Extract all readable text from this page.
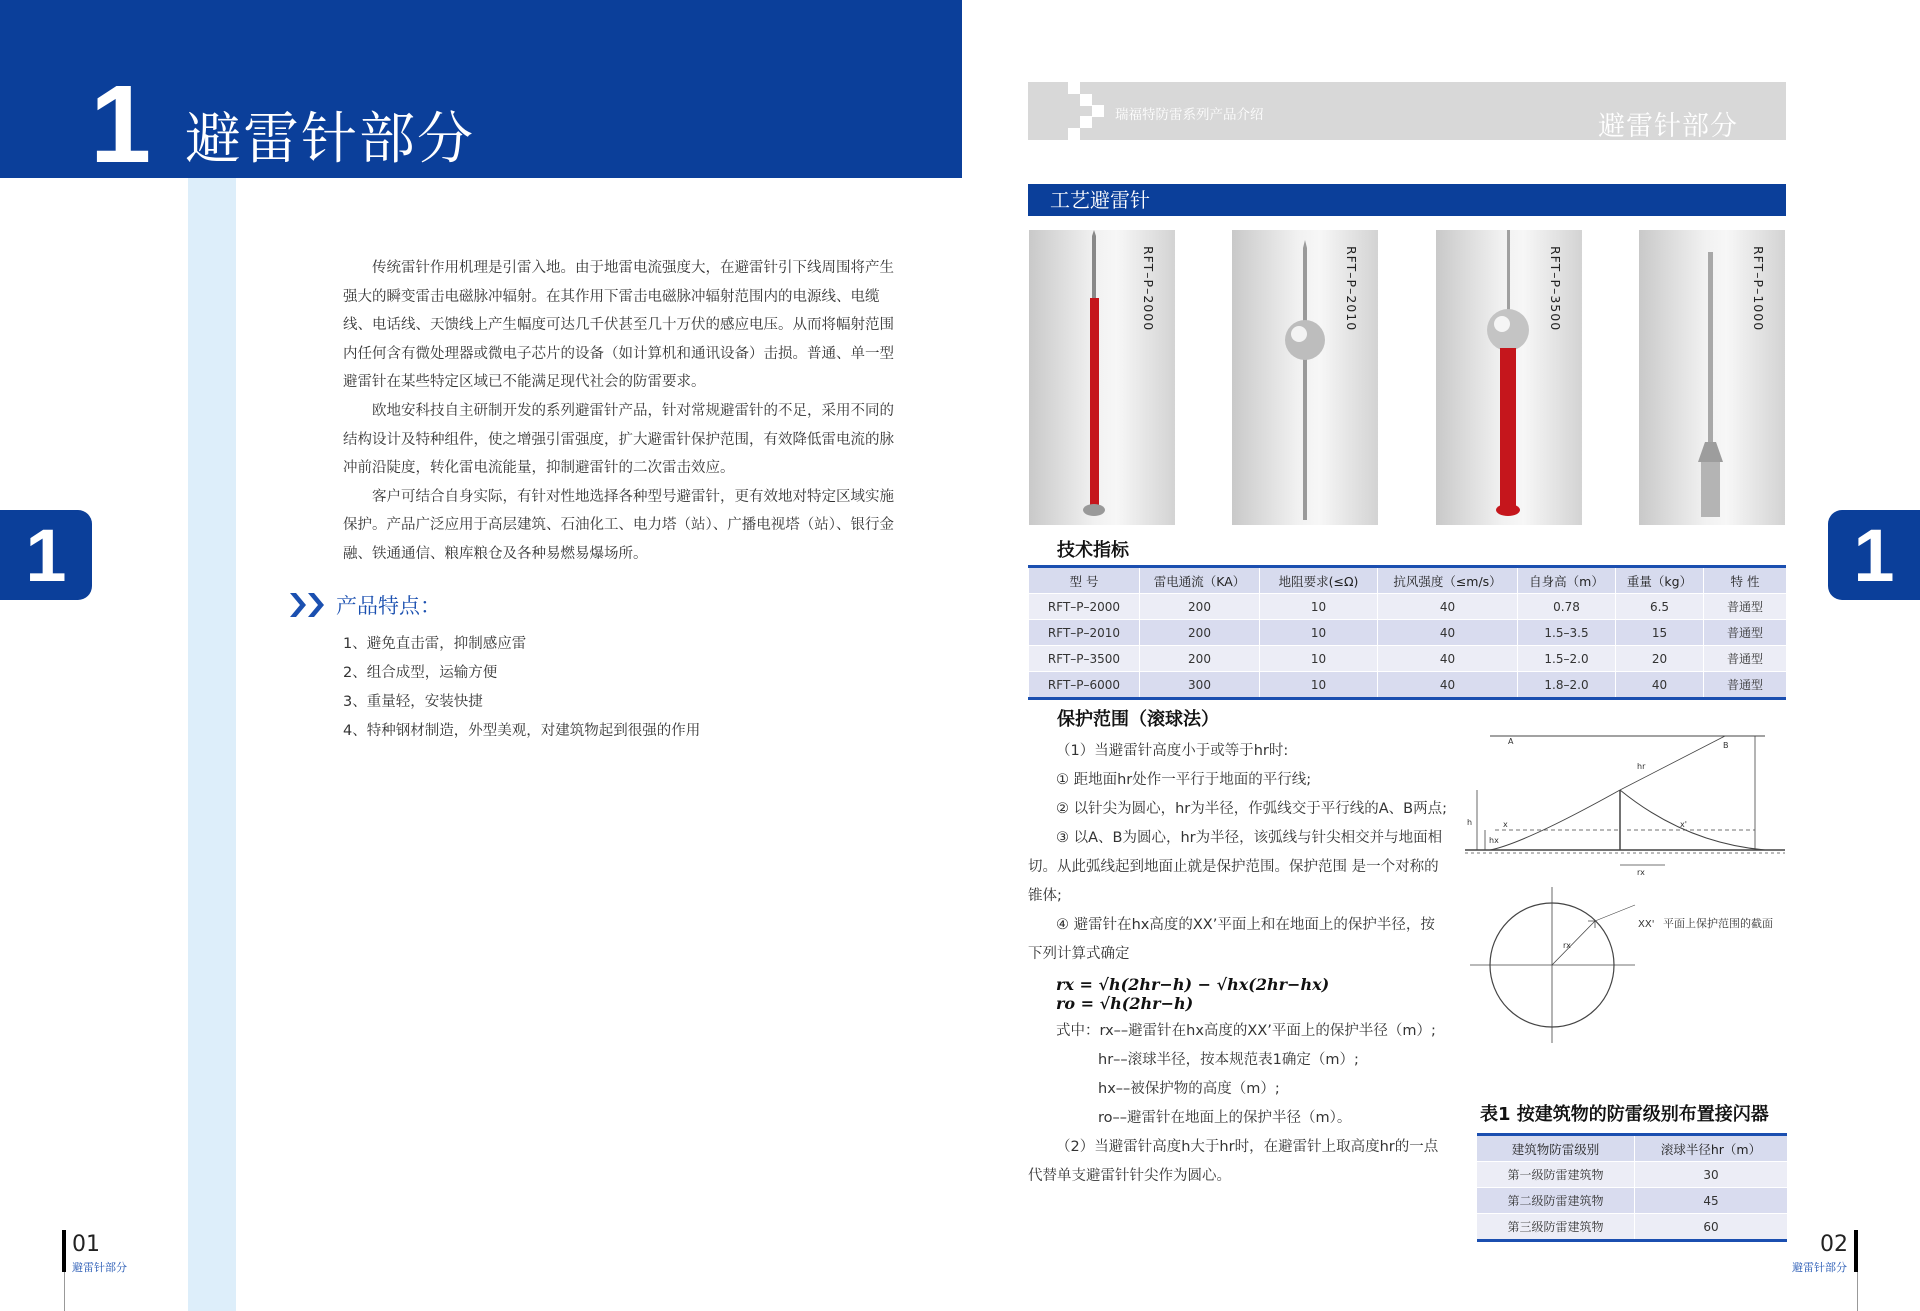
1 避雷针部分
1

传统雷针作用机理是引雷入地。由于地雷电流强度大，在避雷针引下线周围将产生强大的瞬变雷击电磁脉冲辐射。在其作用下雷击电磁脉冲辐射范围内的电源线、电缆线、电话线、天馈线上产生幅度可达几千伏甚至几十万伏的感应电压。从而将幅射范围内任何含有微处理器或微电子芯片的设备（如计算机和通讯设备）击损。普通、单一型避雷针在某些特定区域已不能满足现代社会的防雷要求。

欧地安科技自主研制开发的系列避雷针产品，针对常规避雷针的不足，采用不同的结构设计及特种组件，使之增强引雷强度，扩大避雷针保护范围，有效降低雷电流的脉冲前沿陡度，转化雷电流能量，抑制避雷针的二次雷击效应。

客户可结合自身实际，有针对性地选择各种型号避雷针，更有效地对特定区域实施保护。产品广泛应用于高层建筑、石油化工、电力塔（站）、广播电视塔（站）、银行金融、铁通通信、粮库粮仓及各种易燃易爆场所。

产品特点：
1、避免直击雷，抑制感应雷
2、组合成型，运输方便
3、重量轻，安装快捷
4、特种钢材制造，外型美观，对建筑物起到很强的作用
01
避雷针部分
瑞福特防雷系列产品介绍	避雷针部分
工艺避雷针
1
RFT–P–2000	RFT–P–2010	RFT–P–3500	RFT–P–1000
技术指标
型 号	雷电通流（KA）	地阻要求(≤Ω)	抗风强度（≤m/s）	自身高（m）	重量（kg）	特 性
RFT–P–2000	200	10	40	0.78	6.5	普通型
RFT–P–2010	200	10	40	1.5–3.5	15	普通型
RFT–P–3500	200	10	40	1.5–2.0	20	普通型
RFT–P–6000	300	10	40	1.8–2.0	40	普通型
保护范围（滚球法）
（1）当避雷针高度小于或等于hr时:
① 距地面hr处作一平行于地面的平行线;
② 以针尖为圆心，hr为半径，作弧线交于平行线的A、B两点;
③ 以A、B为圆心，hr为半径，该弧线与针尖相交并与地面相切。从此弧线起到地面止就是保护范围。保护范围 是一个对称的锥体;
④ 避雷针在hx高度的XX’平面上和在地面上的保护半径，按下列计算式确定
rx = √h(2hr−h) − √hx(2hr−hx)
ro = √h(2hr−h)
式中：rx––避雷针在hx高度的XX’平面上的保护半径（m）;
hr––滚球半径，按本规范表1确定（m）;
hx––被保护物的高度（m）;
ro––避雷针在地面上的保护半径（m）。
（2）当避雷针高度h大于hr时，在避雷针上取高度hr的一点代替单支避雷针针尖作为圆心。
A	B
h
hr
hx
x	x'
rx
rx
XX' 平面上保护范围的截面
表1 按建筑物的防雷级别布置接闪器
建筑物防雷级别	滚球半径hr（m）
第一级防雷建筑物	30
第二级防雷建筑物	45
第三级防雷建筑物	60
02
避雷针部分
